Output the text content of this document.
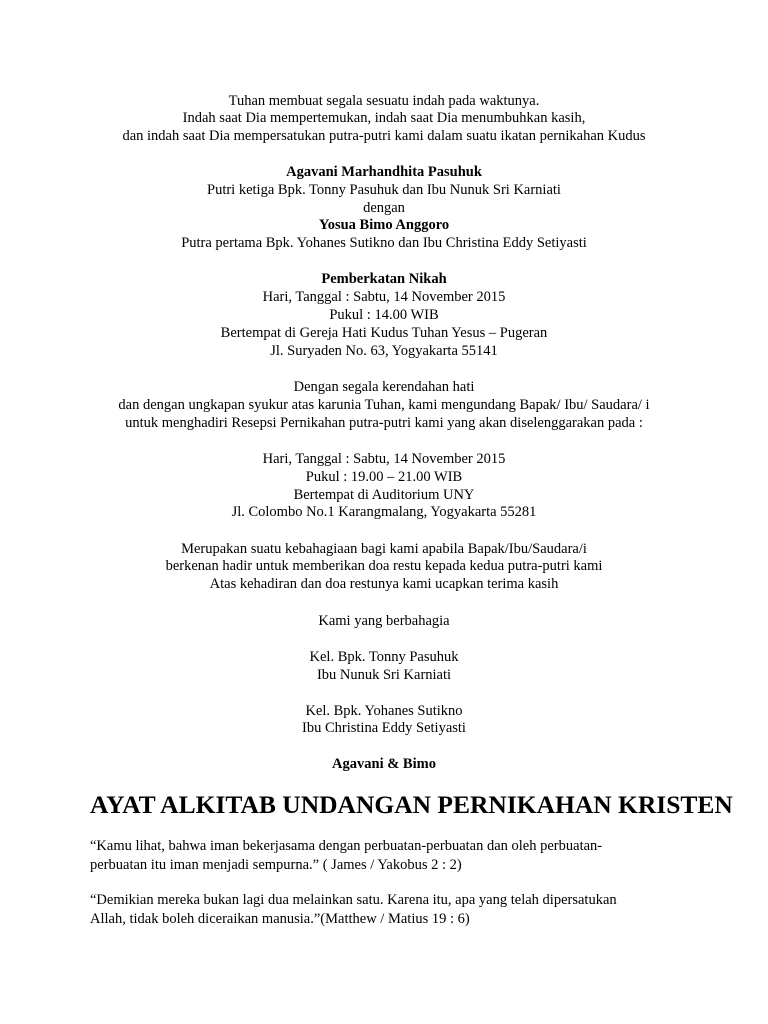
Tuhan membuat segala sesuatu indah pada waktunya.
Indah saat Dia mempertemukan, indah saat Dia menumbuhkan kasih,
dan indah saat Dia mempersatukan putra-putri kami dalam suatu ikatan pernikahan Kudus
Agavani Marhandhita Pasuhuk
Putri ketiga Bpk. Tonny Pasuhuk dan Ibu Nunuk Sri Karniati
dengan
Yosua Bimo Anggoro
Putra pertama Bpk. Yohanes Sutikno dan Ibu Christina Eddy Setiyasti
Pemberkatan Nikah
Hari, Tanggal : Sabtu, 14 November 2015
Pukul : 14.00 WIB
Bertempat di Gereja Hati Kudus Tuhan Yesus – Pugeran
Jl. Suryaden No. 63, Yogyakarta 55141
Dengan segala kerendahan hati
dan dengan ungkapan syukur atas karunia Tuhan, kami mengundang Bapak/ Ibu/ Saudara/ i
untuk menghadiri Resepsi Pernikahan putra-putri kami yang akan diselenggarakan pada :
Hari, Tanggal : Sabtu, 14 November 2015
Pukul : 19.00 – 21.00 WIB
Bertempat di Auditorium UNY
Jl. Colombo No.1 Karangmalang, Yogyakarta 55281
Merupakan suatu kebahagiaan bagi kami apabila Bapak/Ibu/Saudara/i
berkenan hadir untuk memberikan doa restu kepada kedua putra-putri kami
Atas kehadiran dan doa restunya kami ucapkan terima kasih
Kami yang berbahagia
Kel. Bpk. Tonny Pasuhuk
Ibu Nunuk Sri Karniati
Kel. Bpk. Yohanes Sutikno
Ibu Christina Eddy Setiyasti
Agavani & Bimo
AYAT ALKITAB UNDANGAN PERNIKAHAN KRISTEN
“Kamu lihat, bahwa iman bekerjasama dengan perbuatan-perbuatan dan oleh perbuatan-
perbuatan itu iman menjadi sempurna.” ( James / Yakobus 2 : 2)
“Demikian mereka bukan lagi dua melainkan satu. Karena itu, apa yang telah dipersatukan
Allah, tidak boleh diceraikan manusia.”(Matthew / Matius 19 : 6)
